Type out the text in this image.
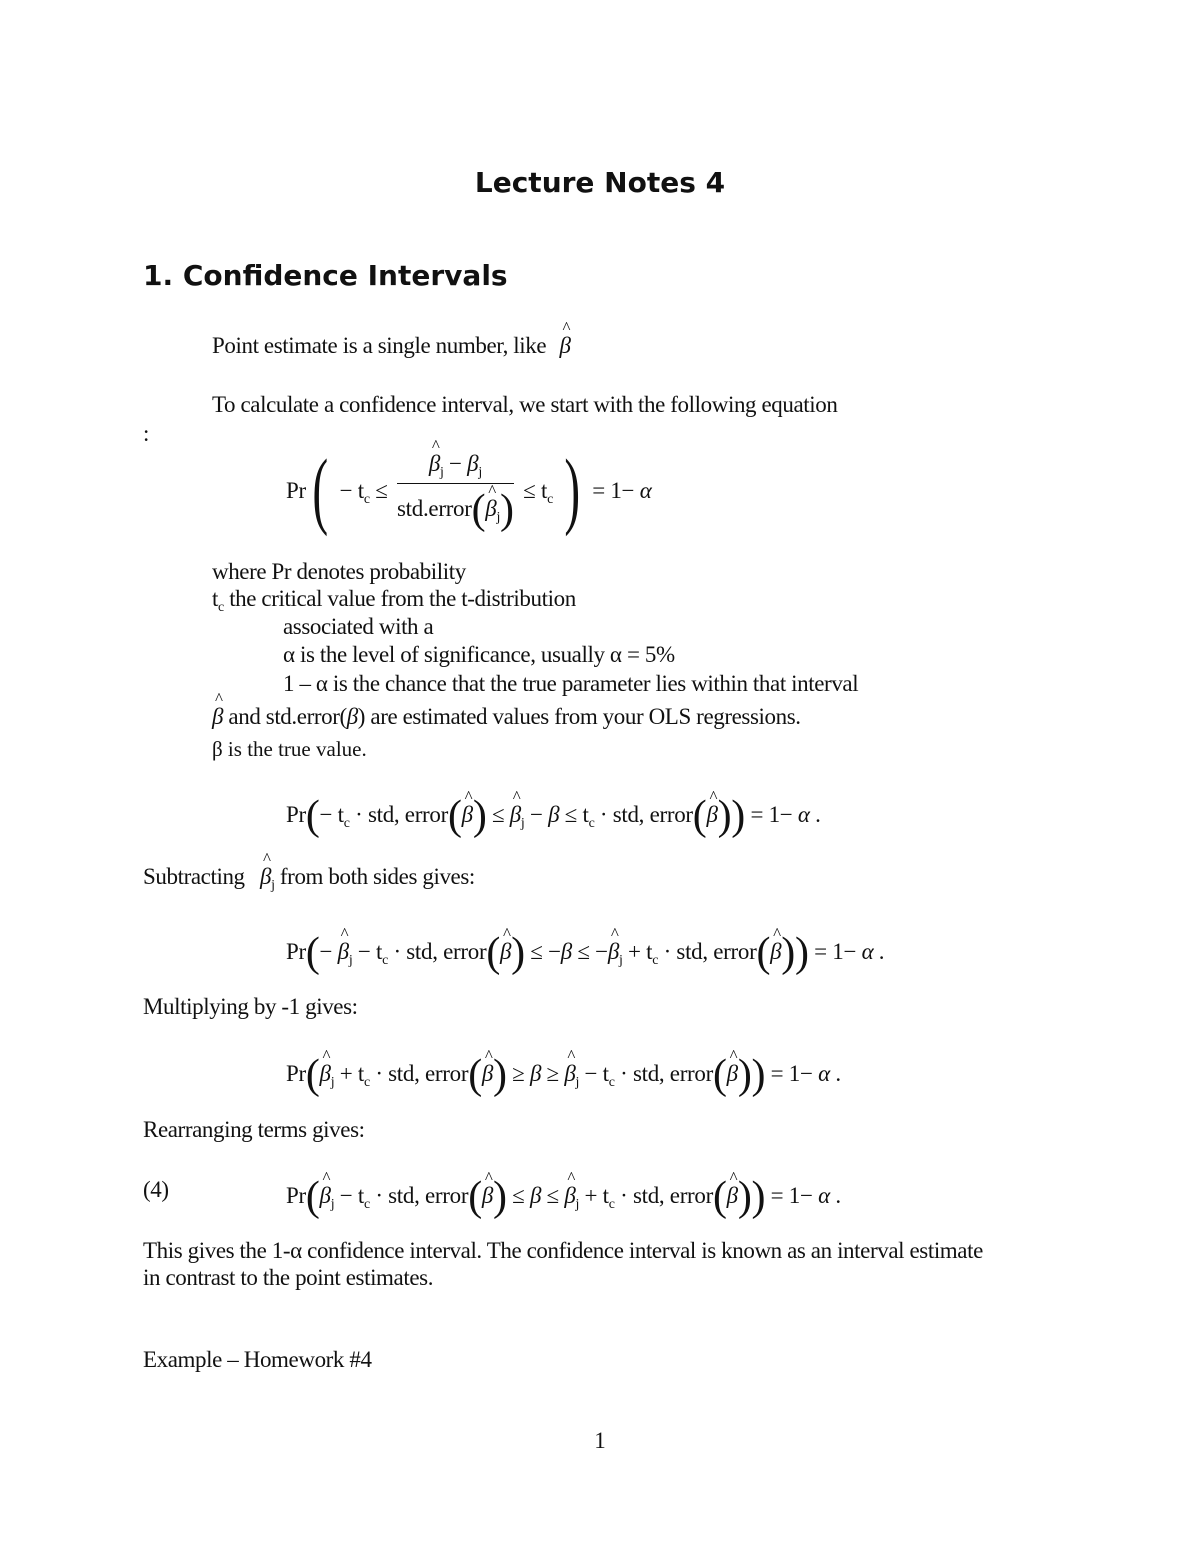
Lecture Notes 4
1. Confidence Intervals
Point estimate is a single number, like ^ β
To calculate a confidence interval, we start with the following equation
:
$Pr( - t_c$ ≤ ^ $\frac{\beta_j - \beta_j}{std.error(\^{} \beta_j)} \le t_c$ ) = 1− α
where Pr denotes probability
$t_c$ the critical value from the t-distribution
associated with a
α is the level of significance, usually α = 5%
1 – α is the chance that the true parameter lies within that interval
^ β and std.error(β) are estimated values from your OLS regressions.
β is the true value.
$Pr(- t_c$ · std, error(^ β) ≤ ^ $\beta_j - \beta \le t_c$ · std, error(^ β)) = 1− α .
Subtracting ^ $\beta_j$ from both sides gives:
Pr(− ^ $\beta_j - t_c$ · std, error(^ β) ≤ −β ≤ −^ $\beta_j + t_c$ · std, error(^ β)) = 1− α .
Multiplying by -1 gives:
Pr(^ $\beta_j + t_c$ · std, error(^ β) ≥ β ≥ ^ $\beta_j - t_c$ · std, error(^ β)) = 1− α .
Rearranging terms gives:
(4)	Pr(^ $\beta_j - t_c$ · std, error(^ β) ≤ β ≤ ^ $\beta_j + t_c$ · std, error(^ β)) = 1− α .
This gives the 1-α confidence interval. The confidence interval is known as an interval estimate
in contrast to the point estimates.
Example – Homework #4
1
